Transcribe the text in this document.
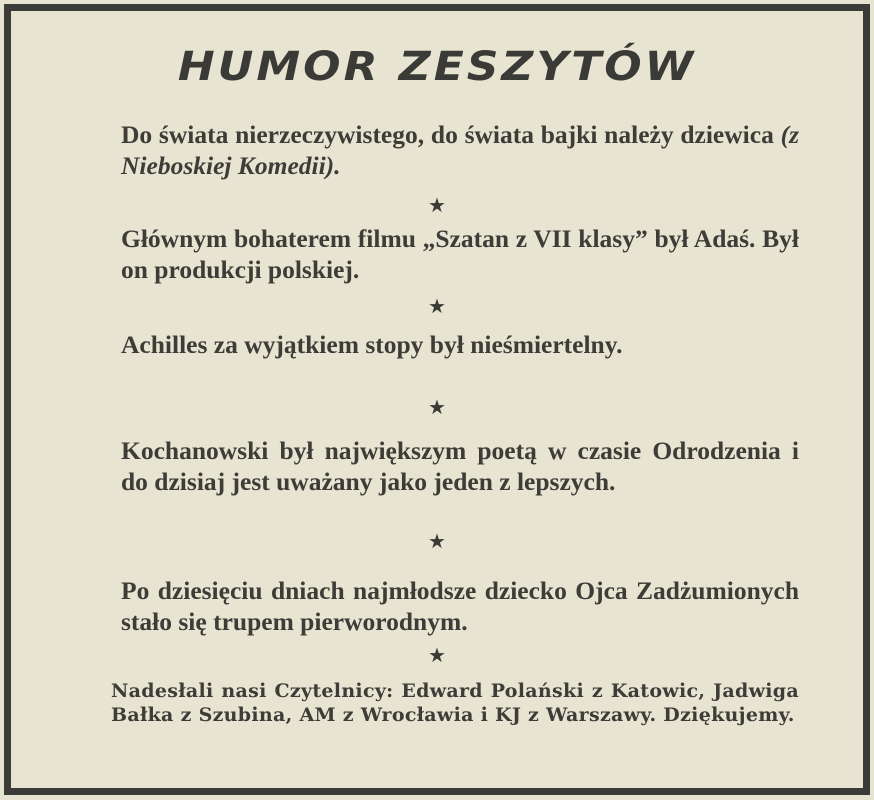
HUMOR ZESZYTÓW
Do świata nierzeczywistego, do świata bajki należy dziewica (z Nieboskiej Komedii).
★
Głównym bohaterem filmu „Szatan z VII klasy” był Adaś. Był on produkcji polskiej.
★
Achilles za wyjątkiem stopy był nieśmiertelny.
★
Kochanowski był największym poetą w czasie Odrodzenia i do dzisiaj jest uważany jako jeden z lepszych.
★
Po dziesięciu dniach najmłodsze dziecko Ojca Zadżumionych stało się trupem pierworodnym.
★
Nadesłali nasi Czytelnicy: Edward Polański z Katowic, Jadwiga Bałka z Szubina, AM z Wrocławia i KJ z Warszawy. Dziękujemy.
